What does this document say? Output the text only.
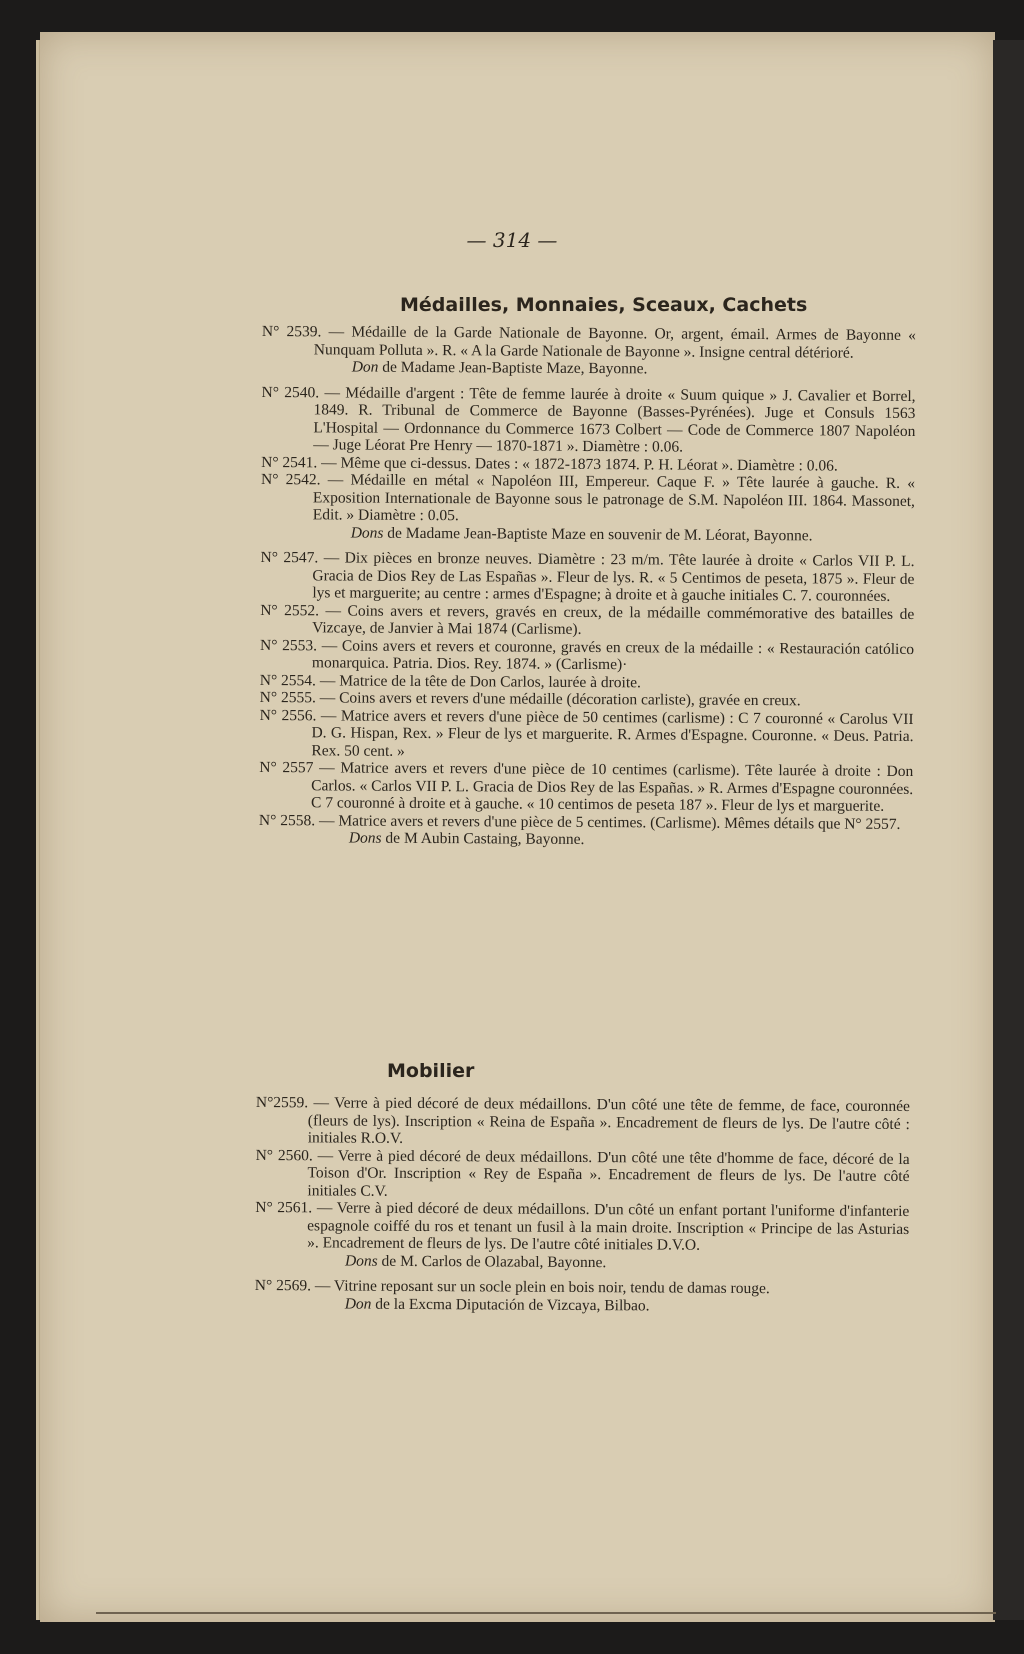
— 314 —
Médailles, Monnaies, Sceaux, Cachets

N° 2539. — Médaille de la Garde Nationale de Bayonne. Or, argent, émail. Armes de Bayonne « Nunquam Polluta ». R. « A la Garde Nationale de Bayonne ». Insigne central détérioré.

Don de Madame Jean-Baptiste Maze, Bayonne.

N° 2540. — Médaille d'argent : Tête de femme laurée à droite « Suum quique » J. Cavalier et Borrel, 1849. R. Tribunal de Commerce de Bayonne (Basses-Pyrénées). Juge et Consuls 1563 L'Hospital — Ordonnance du Commerce 1673 Colbert — Code de Commerce 1807 Napoléon — Juge Léorat Pre Henry — 1870-1871 ». Diamètre : 0.06.

N° 2541. — Même que ci-dessus. Dates : « 1872-1873 1874. P. H. Léorat ». Diamètre : 0.06.

N° 2542. — Médaille en métal « Napoléon III, Empereur. Caque F. » Tête laurée à gauche. R. « Exposition Internationale de Bayonne sous le patronage de S.M. Napoléon III. 1864. Massonet, Edit. » Diamètre : 0.05.

Dons de Madame Jean-Baptiste Maze en souvenir de M. Léorat, Bayonne.

N° 2547. — Dix pièces en bronze neuves. Diamètre : 23 m/m. Tête laurée à droite « Carlos VII P. L. Gracia de Dios Rey de Las Españas ». Fleur de lys. R. « 5 Centimos de peseta, 1875 ». Fleur de lys et marguerite; au centre : armes d'Espagne; à droite et à gauche initiales C. 7. couronnées.

N° 2552. — Coins avers et revers, gravés en creux, de la médaille commémorative des batailles de Vizcaye, de Janvier à Mai 1874 (Carlisme).

N° 2553. — Coins avers et revers et couronne, gravés en creux de la médaille : « Restauración católico monarquica. Patria. Dios. Rey. 1874. » (Carlisme)·

N° 2554. — Matrice de la tête de Don Carlos, laurée à droite.

N° 2555. — Coins avers et revers d'une médaille (décoration carliste), gravée en creux.

N° 2556. — Matrice avers et revers d'une pièce de 50 centimes (carlisme) : C 7 couronné « Carolus VII D. G. Hispan, Rex. » Fleur de lys et marguerite. R. Armes d'Espagne. Couronne. « Deus. Patria. Rex. 50 cent. »

N° 2557 — Matrice avers et revers d'une pièce de 10 centimes (carlisme). Tête laurée à droite : Don Carlos. « Carlos VII P. L. Gracia de Dios Rey de las Españas. » R. Armes d'Espagne couronnées. C 7 couronné à droite et à gauche. « 10 centimos de peseta 187 ». Fleur de lys et marguerite.

N° 2558. — Matrice avers et revers d'une pièce de 5 centimes. (Carlisme). Mêmes détails que N° 2557.

Dons de M Aubin Castaing, Bayonne.

Mobilier

N°2559. — Verre à pied décoré de deux médaillons. D'un côté une tête de femme, de face, couronnée (fleurs de lys). Inscription « Reina de España ». Encadrement de fleurs de lys. De l'autre côté : initiales R.O.V.

N° 2560. — Verre à pied décoré de deux médaillons. D'un côté une tête d'homme de face, décoré de la Toison d'Or. Inscription « Rey de España ». Encadrement de fleurs de lys. De l'autre côté initiales C.V.

N° 2561. — Verre à pied décoré de deux médaillons. D'un côté un enfant portant l'uniforme d'infanterie espagnole coiffé du ros et tenant un fusil à la main droite. Inscription « Principe de las Asturias ». Encadrement de fleurs de lys. De l'autre côté initiales D.V.O.

Dons de M. Carlos de Olazabal, Bayonne.

N° 2569. — Vitrine reposant sur un socle plein en bois noir, tendu de damas rouge.

Don de la Excma Diputación de Vizcaya, Bilbao.
